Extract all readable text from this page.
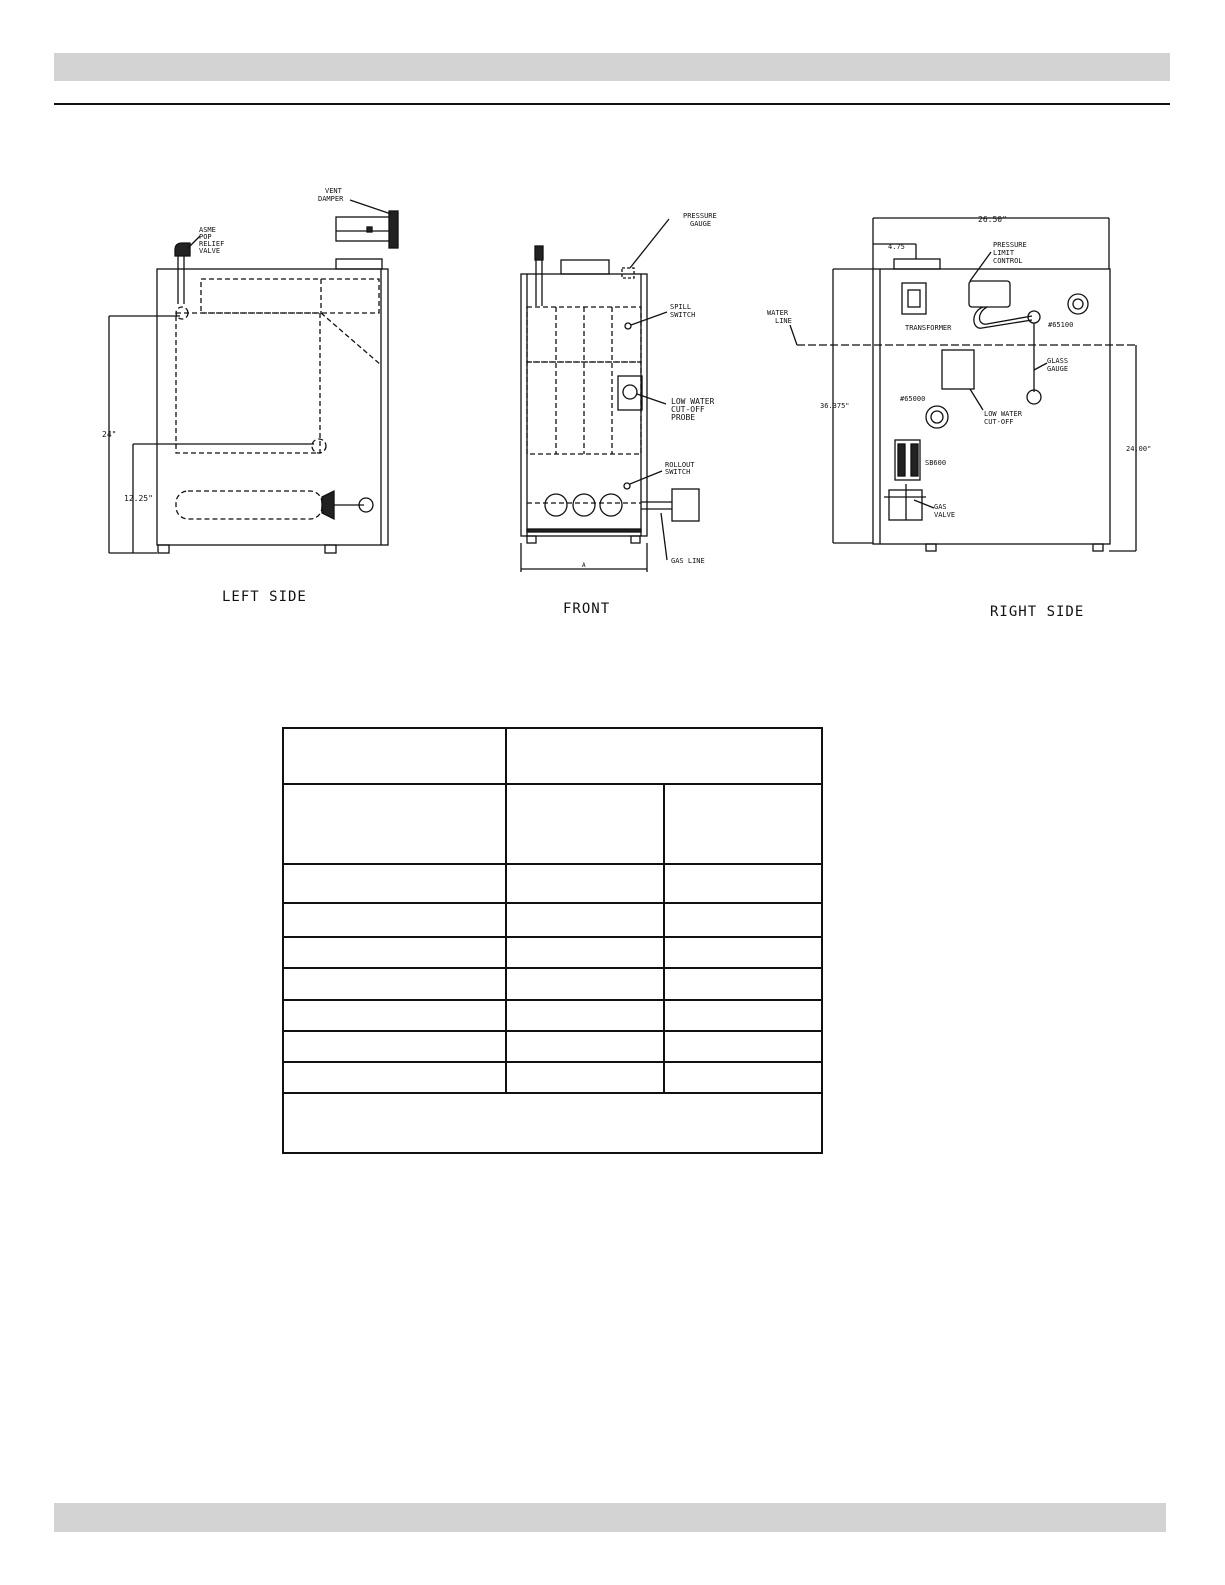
24"
12.25"
VENT DAMPER
ASME POP RELIEF VALVE
A
PRESSURE GAUGE
SPILL SWITCH
LOW WATER CUT-OFF PROBE
ROLLOUT SWITCH
GAS LINE
26.50"
4.75
36.375"
24.00"
PRESSURE LIMIT CONTROL
WATER LINE
TRANSFORMER	#65100
GLASS GAUGE
#65000
LOW WATER CUT-OFF
SB600
GAS VALVE
LEFT SIDE
FRONT	RIGHT SIDE
